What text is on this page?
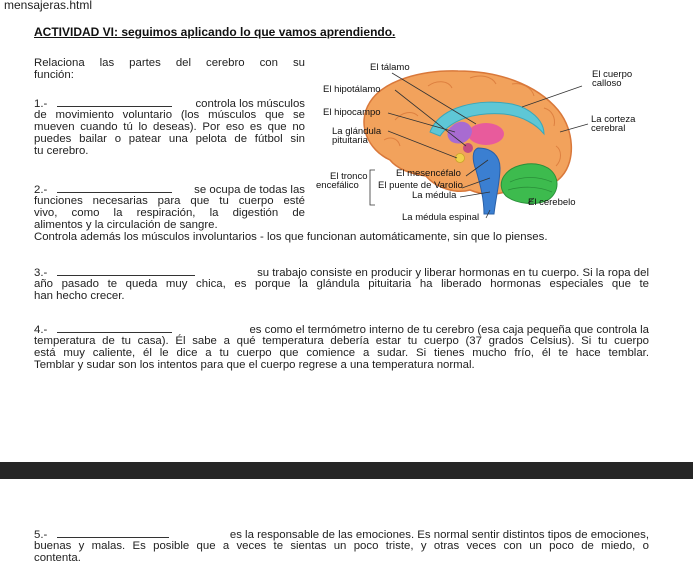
mensajeras.html
ACTIVIDAD VI: seguimos aplicando lo que vamos aprendiendo.
Relaciona las partes del cerebro con su
función:
1.-	controla los músculos
de movimiento voluntario (los músculos que se
mueven cuando tú lo deseas). Por eso es que no
puedes bailar o patear una pelota de fútbol sin
tu cerebro.
2.-	se ocupa de todas las
funciones necesarias para que tu cuerpo esté
vivo, como la respiración, la digestión de
alimentos y la circulación de sangre.
Controla además los músculos involuntarios - los que funcionan automáticamente, sin que lo pienses.
3.-	su trabajo consiste en producir y liberar hormonas en tu cuerpo. Si la ropa del
año pasado te queda muy chica, es porque la glándula pituitaria ha liberado hormonas especiales que te
han hecho crecer.
4.-	es como el termómetro interno de tu cerebro (esa caja pequeña que controla la
temperatura de tu casa). Él sabe a qué temperatura debería estar tu cuerpo (37 grados Celsius). Si tu cuerpo
está muy caliente, él le dice a tu cuerpo que comience a sudar. Si tienes mucho frío, él te hace temblar.
Temblar y sudar son los intentos para que el cuerpo regrese a una temperatura normal.
5.-	es la responsable de las emociones. Es normal sentir distintos tipos de emociones,
buenas y malas. Es posible que a veces te sientas un poco triste, y otras veces con un poco de miedo, o
contenta.
El tálamo
El hipotálamo
El hipocampo
La glándula
pituitaria
El tronco
encefálico
El mesencéfalo
El puente de Varolio
La médula
La médula espinal
El cerebelo
La corteza
cerebral
El cuerpo
calloso
